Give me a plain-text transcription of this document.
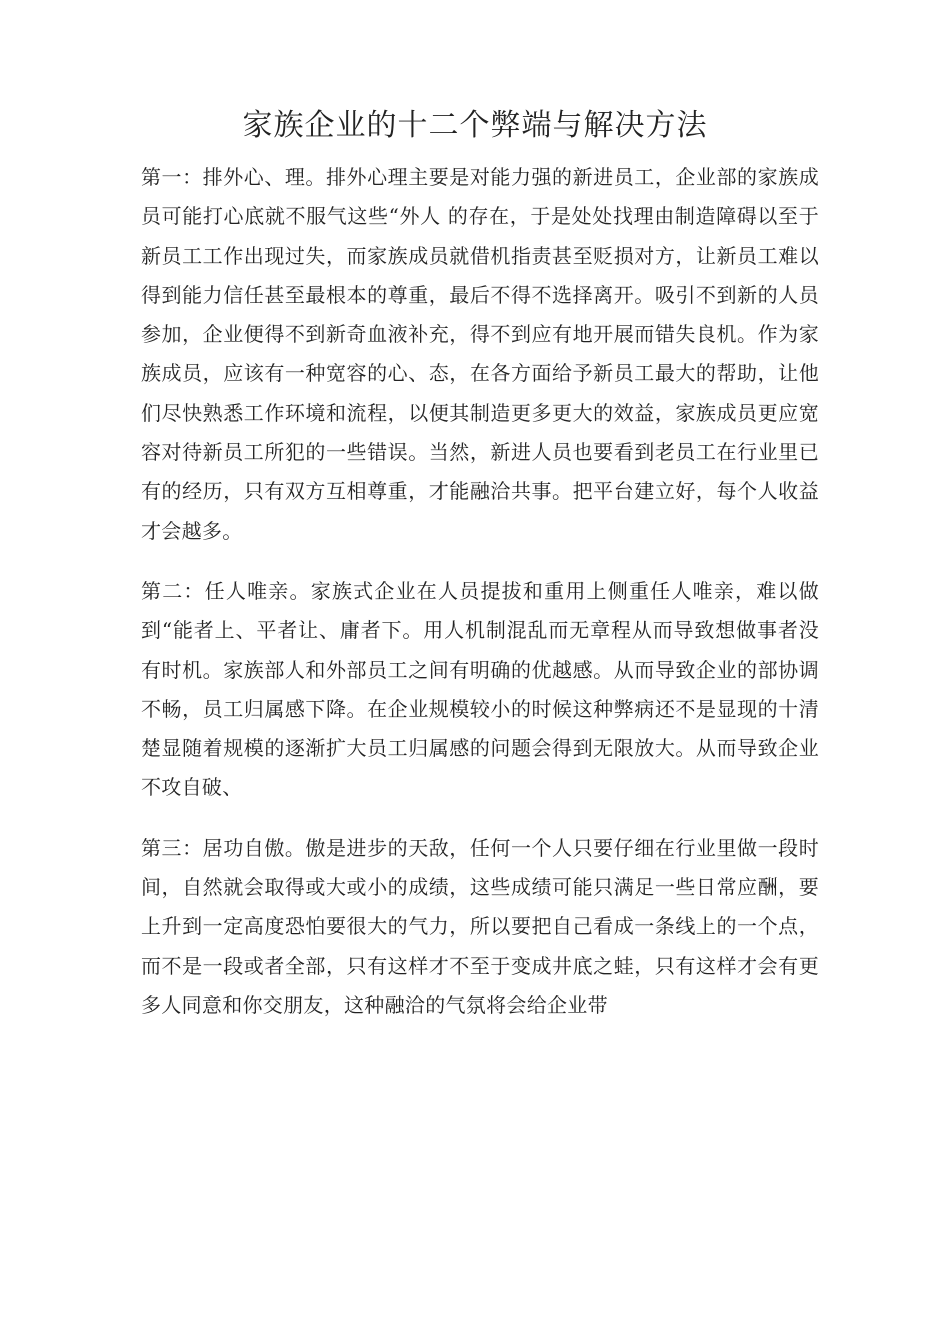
家族企业的十二个弊端与解决方法

第一：排外心、理。排外心理主要是对能力强的新进员工，企业部的家族成员可能打心底就不服气这些“外人 的存在，于是处处找理由制造障碍以至于新员工工作出现过失，而家族成员就借机指责甚至贬损对方，让新员工难以得到能力信任甚至最根本的尊重，最后不得不选择离开。吸引不到新的人员参加，企业便得不到新奇血液补充，得不到应有地开展而错失良机。作为家族成员，应该有一种宽容的心、态，在各方面给予新员工最大的帮助，让他们尽快熟悉工作环境和流程，以便其制造更多更大的效益，家族成员更应宽容对待新员工所犯的一些错误。当然，新进人员也要看到老员工在行业里已有的经历，只有双方互相尊重，才能融洽共事。把平台建立好，每个人收益才会越多。

第二：任人唯亲。家族式企业在人员提拔和重用上侧重任人唯亲，难以做到“能者上、平者让、庸者下。用人机制混乱而无章程从而导致想做事者没有时机。家族部人和外部员工之间有明确的优越感。从而导致企业的部协调不畅，员工归属感下降。在企业规模较小的时候这种弊病还不是显现的十清楚显随着规模的逐渐扩大员工归属感的问题会得到无限放大。从而导致企业不攻自破、

第三：居功自傲。傲是进步的天敌，任何一个人只要仔细在行业里做一段时间，自然就会取得或大或小的成绩，这些成绩可能只满足一些日常应酬，要上升到一定高度恐怕要很大的气力，所以要把自己看成一条线上的一个点，而不是一段或者全部，只有这样才不至于变成井底之蛙，只有这样才会有更多人同意和你交朋友，这种融洽的气氛将会给企业带
